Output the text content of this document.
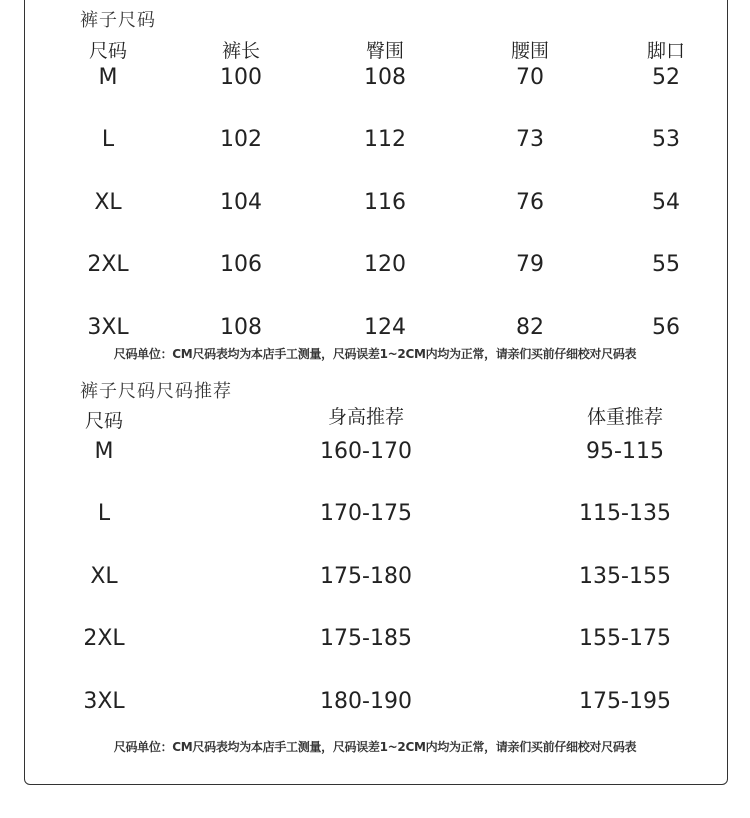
裤子尺码
尺码	裤长	臀围	腰围	脚口
M	100	108	70	52
L	102	112	73	53
XL	104	116	76	54
2XL	106	120	79	55
3XL	108	124	82	56
尺码单位：CM尺码表均为本店手工测量，尺码误差1~2CM内均为正常，请亲们买前仔细校对尺码表
裤子尺码尺码推荐
尺码	身高推荐	体重推荐
M	160-170	95-115
L	170-175	115-135
XL	175-180	135-155
2XL	175-185	155-175
3XL	180-190	175-195
尺码单位：CM尺码表均为本店手工测量，尺码误差1~2CM内均为正常，请亲们买前仔细校对尺码表
